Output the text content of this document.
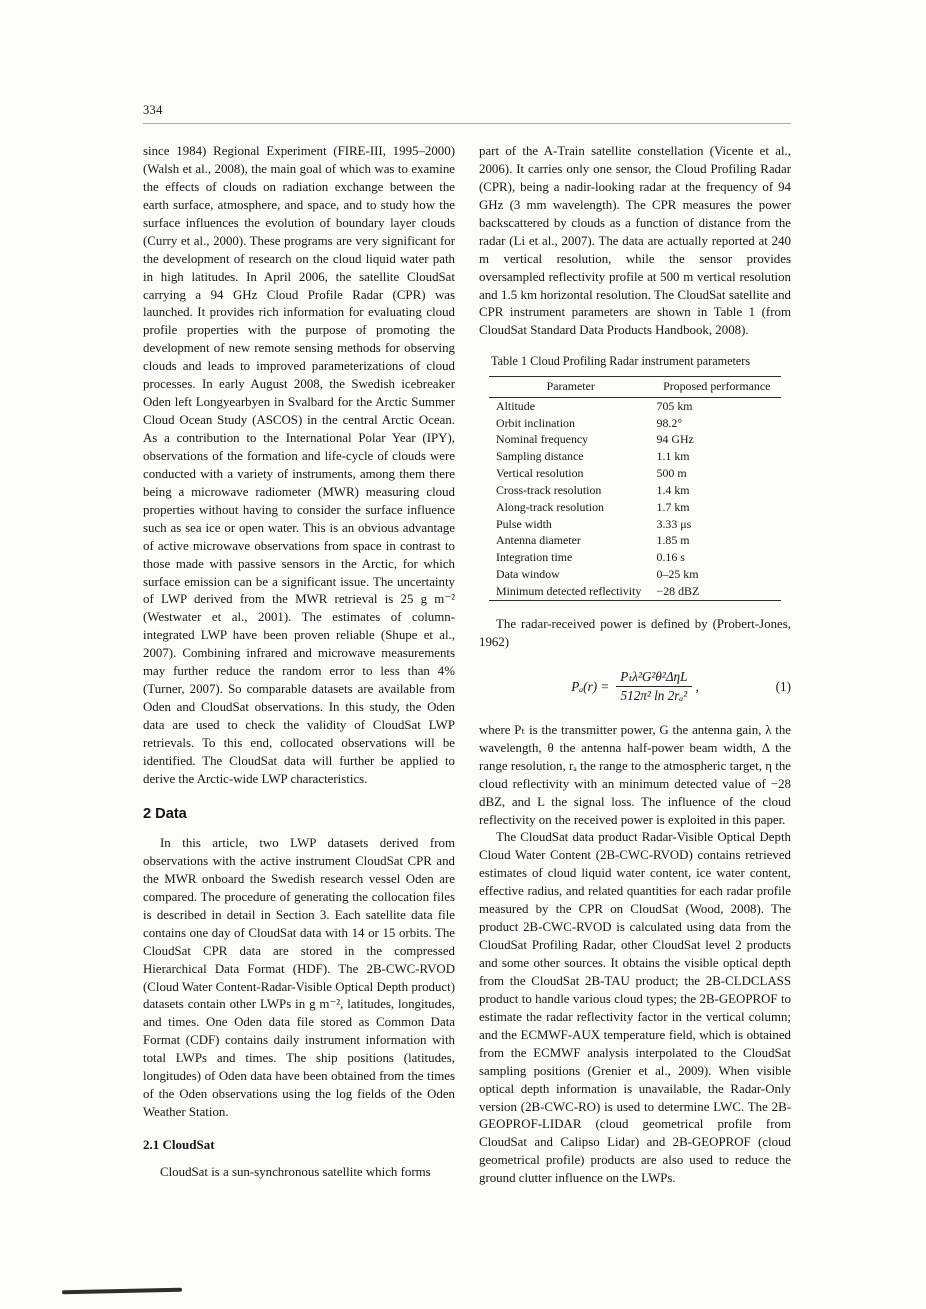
334

since 1984) Regional Experiment (FIRE-III, 1995–2000) (Walsh et al., 2008), the main goal of which was to examine the effects of clouds on radiation exchange between the earth surface, atmosphere, and space, and to study how the surface influences the evolution of boundary layer clouds (Curry et al., 2000). These programs are very significant for the development of research on the cloud liquid water path in high latitudes. In April 2006, the satellite CloudSat carrying a 94 GHz Cloud Profile Radar (CPR) was launched. It provides rich information for evaluating cloud profile properties with the purpose of promoting the development of new remote sensing methods for observing clouds and leads to improved parameterizations of cloud processes. In early August 2008, the Swedish icebreaker Oden left Longyearbyen in Svalbard for the Arctic Summer Cloud Ocean Study (ASCOS) in the central Arctic Ocean. As a contribution to the International Polar Year (IPY), observations of the formation and life-cycle of clouds were conducted with a variety of instruments, among them there being a microwave radiometer (MWR) measuring cloud properties without having to consider the surface influence such as sea ice or open water. This is an obvious advantage of active microwave observations from space in contrast to those made with passive sensors in the Arctic, for which surface emission can be a significant issue. The uncertainty of LWP derived from the MWR retrieval is 25 g m⁻² (Westwater et al., 2001). The estimates of column-integrated LWP have been proven reliable (Shupe et al., 2007). Combining infrared and microwave measurements may further reduce the random error to less than 4% (Turner, 2007). So comparable datasets are available from Oden and CloudSat observations. In this study, the Oden data are used to check the validity of CloudSat LWP retrievals. To this end, collocated observations will be identified. The CloudSat data will further be applied to derive the Arctic-wide LWP characteristics.

2 Data

In this article, two LWP datasets derived from observations with the active instrument CloudSat CPR and the MWR onboard the Swedish research vessel Oden are compared. The procedure of generating the collocation files is described in detail in Section 3. Each satellite data file contains one day of CloudSat data with 14 or 15 orbits. The CloudSat CPR data are stored in the compressed Hierarchical Data Format (HDF). The 2B-CWC-RVOD (Cloud Water Content-Radar-Visible Optical Depth product) datasets contain other LWPs in g m⁻², latitudes, longitudes, and times. One Oden data file stored as Common Data Format (CDF) contains daily instrument information with total LWPs and times. The ship positions (latitudes, longitudes) of Oden data have been obtained from the times of the Oden observations using the log fields of the Oden Weather Station.

2.1 CloudSat

CloudSat is a sun-synchronous satellite which forms

part of the A-Train satellite constellation (Vicente et al., 2006). It carries only one sensor, the Cloud Profiling Radar (CPR), being a nadir-looking radar at the frequency of 94 GHz (3 mm wavelength). The CPR measures the power backscattered by clouds as a function of distance from the radar (Li et al., 2007). The data are actually reported at 240 m vertical resolution, while the sensor provides oversampled reflectivity profile at 500 m vertical resolution and 1.5 km horizontal resolution. The CloudSat satellite and CPR instrument parameters are shown in Table 1 (from CloudSat Standard Data Products Handbook, 2008).

Table 1 Cloud Profiling Radar instrument parameters
Parameter	Proposed performance
Altitude	705 km
Orbit inclination	98.2°
Nominal frequency	94 GHz
Sampling distance	1.1 km
Vertical resolution	500 m
Cross-track resolution	1.4 km
Along-track resolution	1.7 km
Pulse width	3.33 μs
Antenna diameter	1.85 m
Integration time	0.16 s
Data window	0–25 km
Minimum detected reflectivity	−28 dBZ

The radar-received power is defined by (Probert-Jones, 1962)

$P_a(r) = \frac{\text{Pₜλ²G²θ²ΔηL}}{\text{512π² ln 2rₐ²}}$ ,	(1)

where Pₜ is the transmitter power, G the antenna gain, λ the wavelength, θ the antenna half-power beam width, Δ the range resolution, rₐ the range to the atmospheric target, η the cloud reflectivity with an minimum detected value of −28 dBZ, and L the signal loss. The influence of the cloud reflectivity on the received power is exploited in this paper.

The CloudSat data product Radar-Visible Optical Depth Cloud Water Content (2B-CWC-RVOD) contains retrieved estimates of cloud liquid water content, ice water content, effective radius, and related quantities for each radar profile measured by the CPR on CloudSat (Wood, 2008). The product 2B-CWC-RVOD is calculated using data from the CloudSat Profiling Radar, other CloudSat level 2 products and some other sources. It obtains the visible optical depth from the CloudSat 2B-TAU product; the 2B-CLDCLASS product to handle various cloud types; the 2B-GEOPROF to estimate the radar reflectivity factor in the vertical column; and the ECMWF-AUX temperature field, which is obtained from the ECMWF analysis interpolated to the CloudSat sampling positions (Grenier et al., 2009). When visible optical depth information is unavailable, the Radar-Only version (2B-CWC-RO) is used to determine LWC. The 2B-GEOPROF-LIDAR (cloud geometrical profile from CloudSat and Calipso Lidar) and 2B-GEOPROF (cloud geometrical profile) products are also used to reduce the ground clutter influence on the LWPs.
